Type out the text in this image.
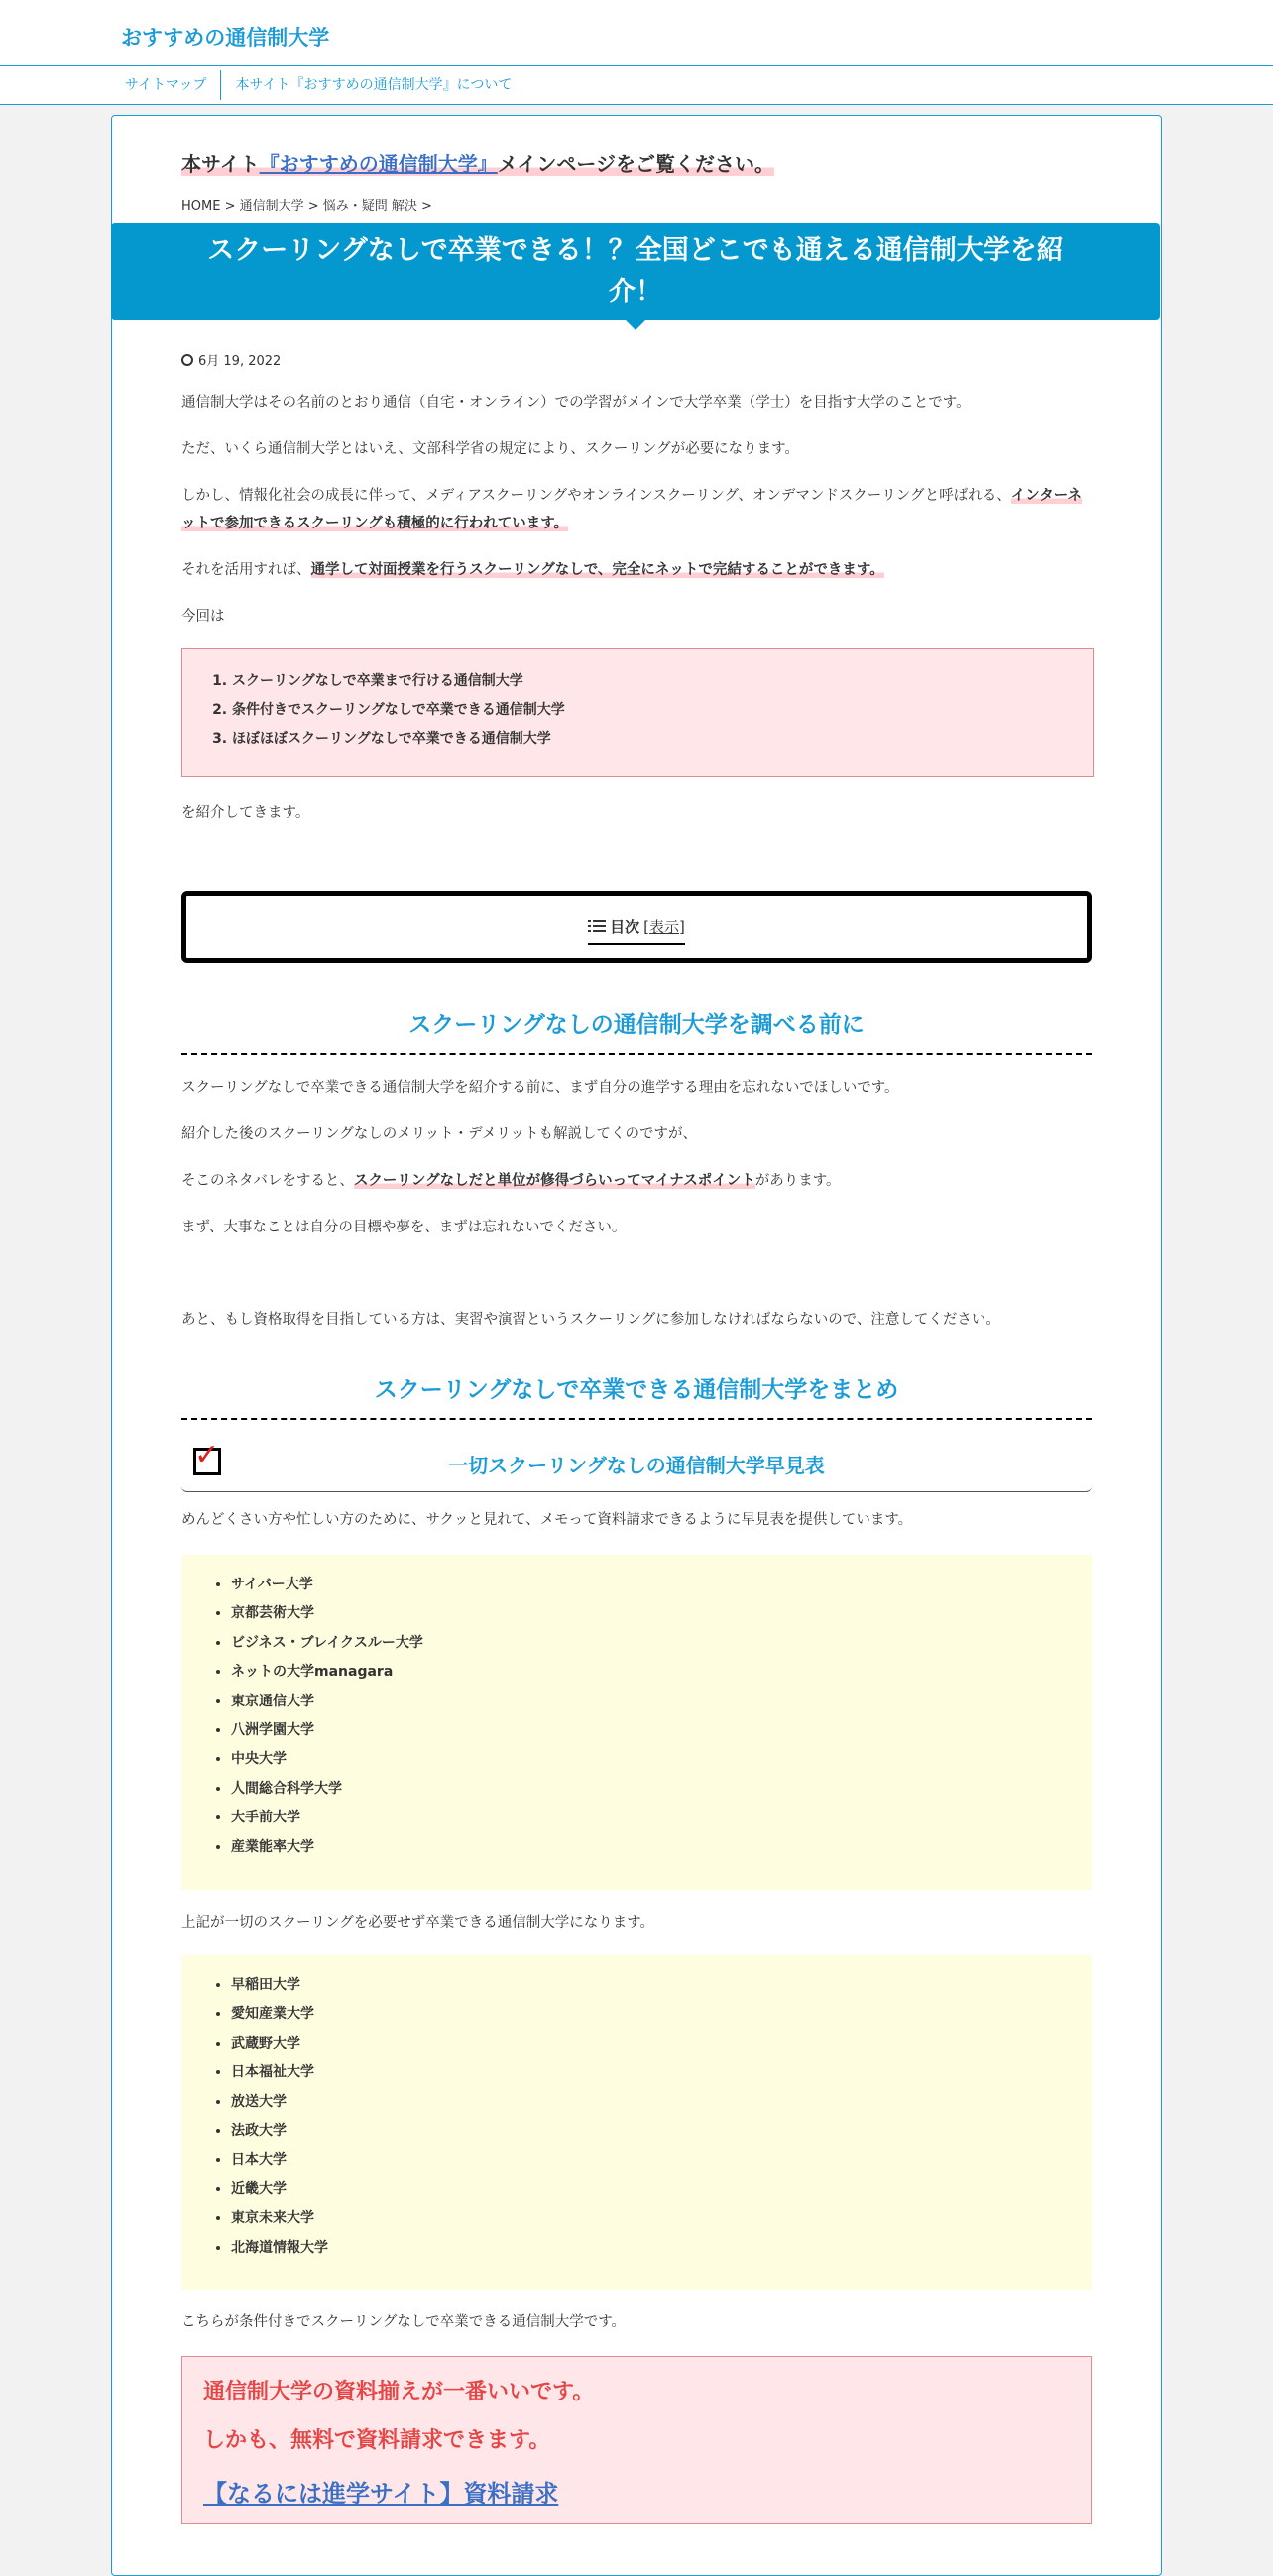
おすすめの通信制大学
サイトマップ	本サイト『おすすめの通信制大学』について
本サイト『おすすめの通信制大学』メインページをご覧ください。
HOME > 通信制大学 > 悩み・疑問 解決 >
スクーリングなしで卒業できる！？全国どこでも通える通信制大学を紹介！
6月 19, 2022

通信制大学はその名前のとおり通信（自宅・オンライン）での学習がメインで大学卒業（学士）を目指す大学のことです。

ただ、いくら通信制大学とはいえ、文部科学省の規定により、スクーリングが必要になります。

しかし、情報化社会の成長に伴って、メディアスクーリングやオンラインスクーリング、オンデマンドスクーリングと呼ばれる、インターネットで参加できるスクーリングも積極的に行われています。

それを活用すれば、通学して対面授業を行うスクーリングなしで、完全にネットで完結することができます。

今回は

1. スクーリングなしで卒業まで行ける通信制大学
2. 条件付きでスクーリングなしで卒業できる通信制大学
3. ほぼほぼスクーリングなしで卒業できる通信制大学

を紹介してきます。

目次 [表示]
スクーリングなしの通信制大学を調べる前に

スクーリングなしで卒業できる通信制大学を紹介する前に、まず自分の進学する理由を忘れないでほしいです。

紹介した後のスクーリングなしのメリット・デメリットも解説してくのですが、

そこのネタバレをすると、スクーリングなしだと単位が修得づらいってマイナスポイントがあります。

まず、大事なことは自分の目標や夢を、まずは忘れないでください。

あと、もし資格取得を目指している方は、実習や演習というスクーリングに参加しなければならないので、注意してください。

スクーリングなしで卒業できる通信制大学をまとめ
✓	一切スクーリングなしの通信制大学早見表

めんどくさい方や忙しい方のために、サクッと見れて、メモって資料請求できるように早見表を提供しています。

• サイバー大学
• 京都芸術大学
• ビジネス・ブレイクスルー大学
• ネットの大学managara
• 東京通信大学
• 八洲学園大学
• 中央大学
• 人間総合科学大学
• 大手前大学
• 産業能率大学

上記が一切のスクーリングを必要せず卒業できる通信制大学になります。

• 早稲田大学
• 愛知産業大学
• 武蔵野大学
• 日本福祉大学
• 放送大学
• 法政大学
• 日本大学
• 近畿大学
• 東京未来大学
• 北海道情報大学

こちらが条件付きでスクーリングなしで卒業できる通信制大学です。

通信制大学の資料揃えが一番いいです。

しかも、無料で資料請求できます。

【なるには進学サイト】資料請求
